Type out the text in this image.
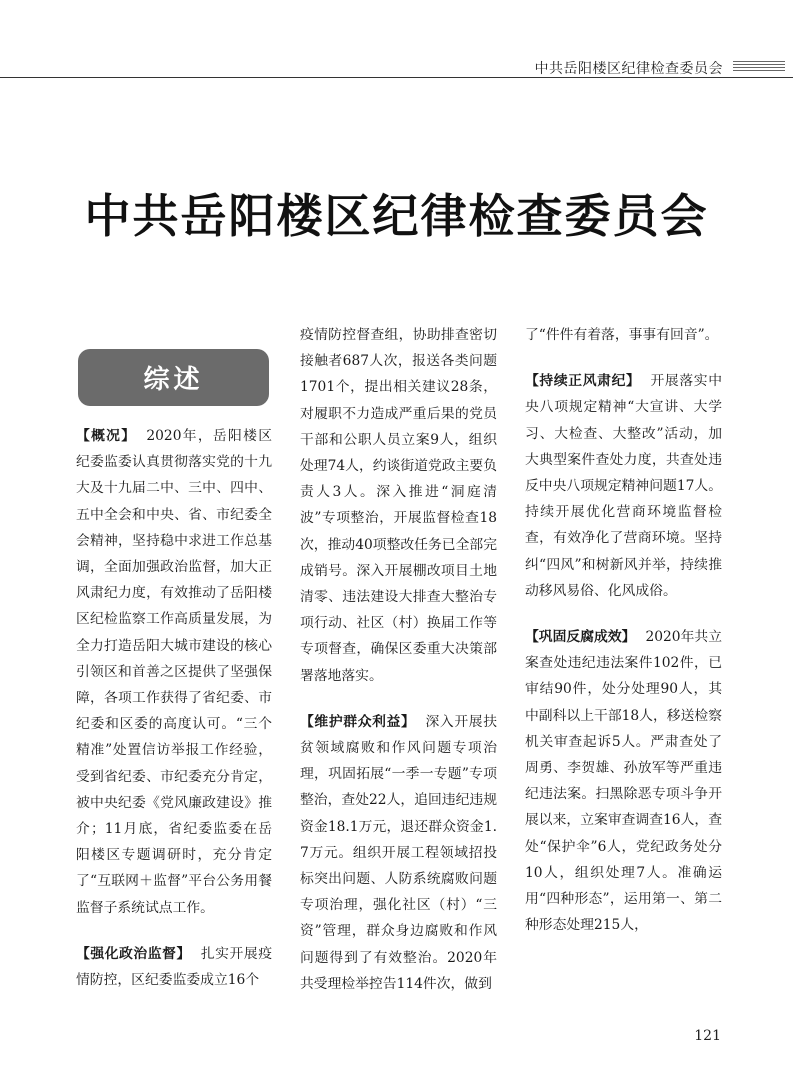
中共岳阳楼区纪律检查委员会
中共岳阳楼区纪律检查委员会
综述

【概况】 2020年，岳阳楼区纪委监委认真贯彻落实党的十九大及十九届二中、三中、四中、五中全会和中央、省、市纪委全会精神，坚持稳中求进工作总基调，全面加强政治监督，加大正风肃纪力度，有效推动了岳阳楼区纪检监察工作高质量发展，为全力打造岳阳大城市建设的核心引领区和首善之区提供了坚强保障，各项工作获得了省纪委、市纪委和区委的高度认可。“三个精准”处置信访举报工作经验，受到省纪委、市纪委充分肯定，被中央纪委《党风廉政建设》推介；11月底，省纪委监委在岳阳楼区专题调研时，充分肯定了“互联网＋监督”平台公务用餐监督子系统试点工作。

【强化政治监督】 扎实开展疫情防控，区纪委监委成立16个

疫情防控督查组，协助排查密切接触者687人次，报送各类问题1701个，提出相关建议28条，对履职不力造成严重后果的党员干部和公职人员立案9人，组织处理74人，约谈街道党政主要负责人3人。深入推进“洞庭清波”专项整治，开展监督检查18次，推动40项整改任务已全部完成销号。深入开展棚改项目土地清零、违法建设大排查大整治专项行动、社区（村）换届工作等专项督查，确保区委重大决策部署落地落实。

【维护群众利益】 深入开展扶贫领域腐败和作风问题专项治理，巩固拓展“一季一专题”专项整治，查处22人，追回违纪违规资金18.1万元，退还群众资金1.7万元。组织开展工程领域招投标突出问题、人防系统腐败问题专项治理，强化社区（村）“三资”管理，群众身边腐败和作风问题得到了有效整治。2020年共受理检举控告114件次，做到

了“件件有着落，事事有回音”。

【持续正风肃纪】 开展落实中央八项规定精神“大宣讲、大学习、大检查、大整改”活动，加大典型案件查处力度，共查处违反中央八项规定精神问题17人。持续开展优化营商环境监督检查，有效净化了营商环境。坚持纠“四风”和树新风并举，持续推动移风易俗、化风成俗。

【巩固反腐成效】 2020年共立案查处违纪违法案件102件，已审结90件，处分处理90人，其中副科以上干部18人，移送检察机关审查起诉5人。严肃查处了周勇、李贺雄、孙放军等严重违纪违法案。扫黑除恶专项斗争开展以来，立案审查调查16人，查处“保护伞”6人，党纪政务处分10人，组织处理7人。准确运用“四种形态”，运用第一、第二种形态处理215人，

121
